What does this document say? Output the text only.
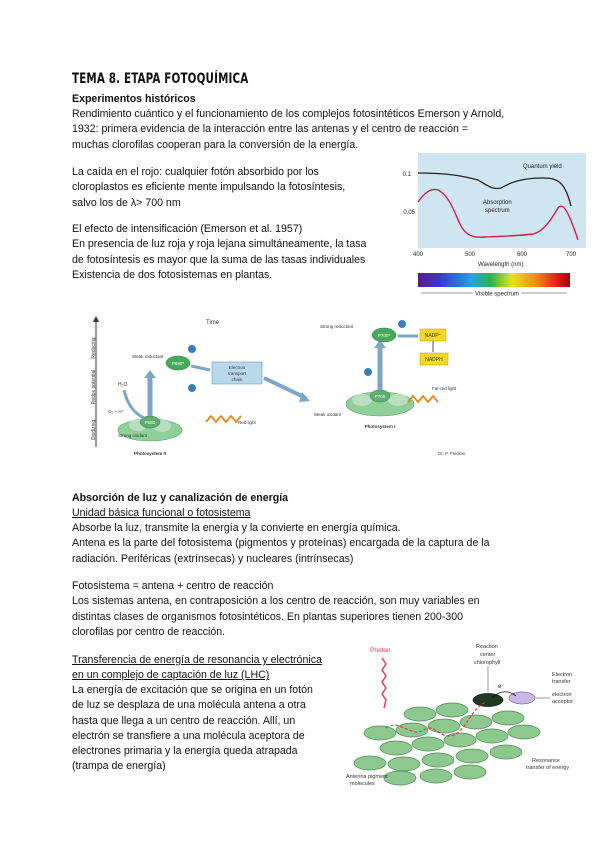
TEMA 8. ETAPA FOTOQUÍMICA
Experimentos históricos
Rendimiento cuántico y el funcionamiento de los complejos fotosintéticos Emerson y Arnold,
1932: primera evidencia de la interacción entre las antenas y el centro de reacción =
muchas clorofilas cooperan para la conversión de la energía.
La caída en el rojo: cualquier fotón absorbido por los
cloroplastos es eficiente mente impulsando la fotosíntesis,
salvo los de λ> 700 nm
El efecto de intensificación (Emerson et al. 1957)
En presencia de luz roja y roja lejana simultáneamente, la tasa
de fotosíntesis es mayor que la suma de las tasas individuales
Existencia de dos fotosistemas en plantas.
Quantum yield
Absorption
spectrum
0.1
0.05
400	500	600	700
Wavelength (nm)
Visible spectrum
Reducing
Redox potential
Oxidizing
Time
P680
P680*
Weak reductant
H₂O
O₂ + H⁺
Strong oxidant
Red light
Photosystem II
Electron
transport
chain
P700
P700*
Strong reductant
NADP⁺
NADPH
Far-red light
Weak oxidant
Photosystem I
Dr. P. Piedras
Absorción de luz y canalización de energía
Unidad básica funcional o fotosistema
Absorbe la luz, transmite la energía y la convierte en energía química.
Antena es la parte del fotosistema (pigmentos y proteínas) encargada de la captura de la
radiación. Periféricas (extrínsecas) y nucleares (intrínsecas)
Fotosistema = antena + centro de reacción
Los sistemas antena, en contraposición a los centro de reacción, son muy variables en
distintas clases de organismos fotosintéticos. En plantas superiores tienen 200-300
clorofilas por centro de reacción.
Transferencia de energía de resonancia y electrónica
en un complejo de captación de luz (LHC)
La energía de excitación que se origina en un fotón
de luz se desplaza de una molécula antena a otra
hasta que llega a un centro de reacción. Allí, un
electrón se transfiere a una molécula aceptora de
electrones primaria y la energía queda atrapada
(trampa de energía)
e⁻
Photon	Reaction
center
chlorophyll
Electron
transfer
electron
acceptor
Antenna pigment
molecules
Resonance
transfer of energy
